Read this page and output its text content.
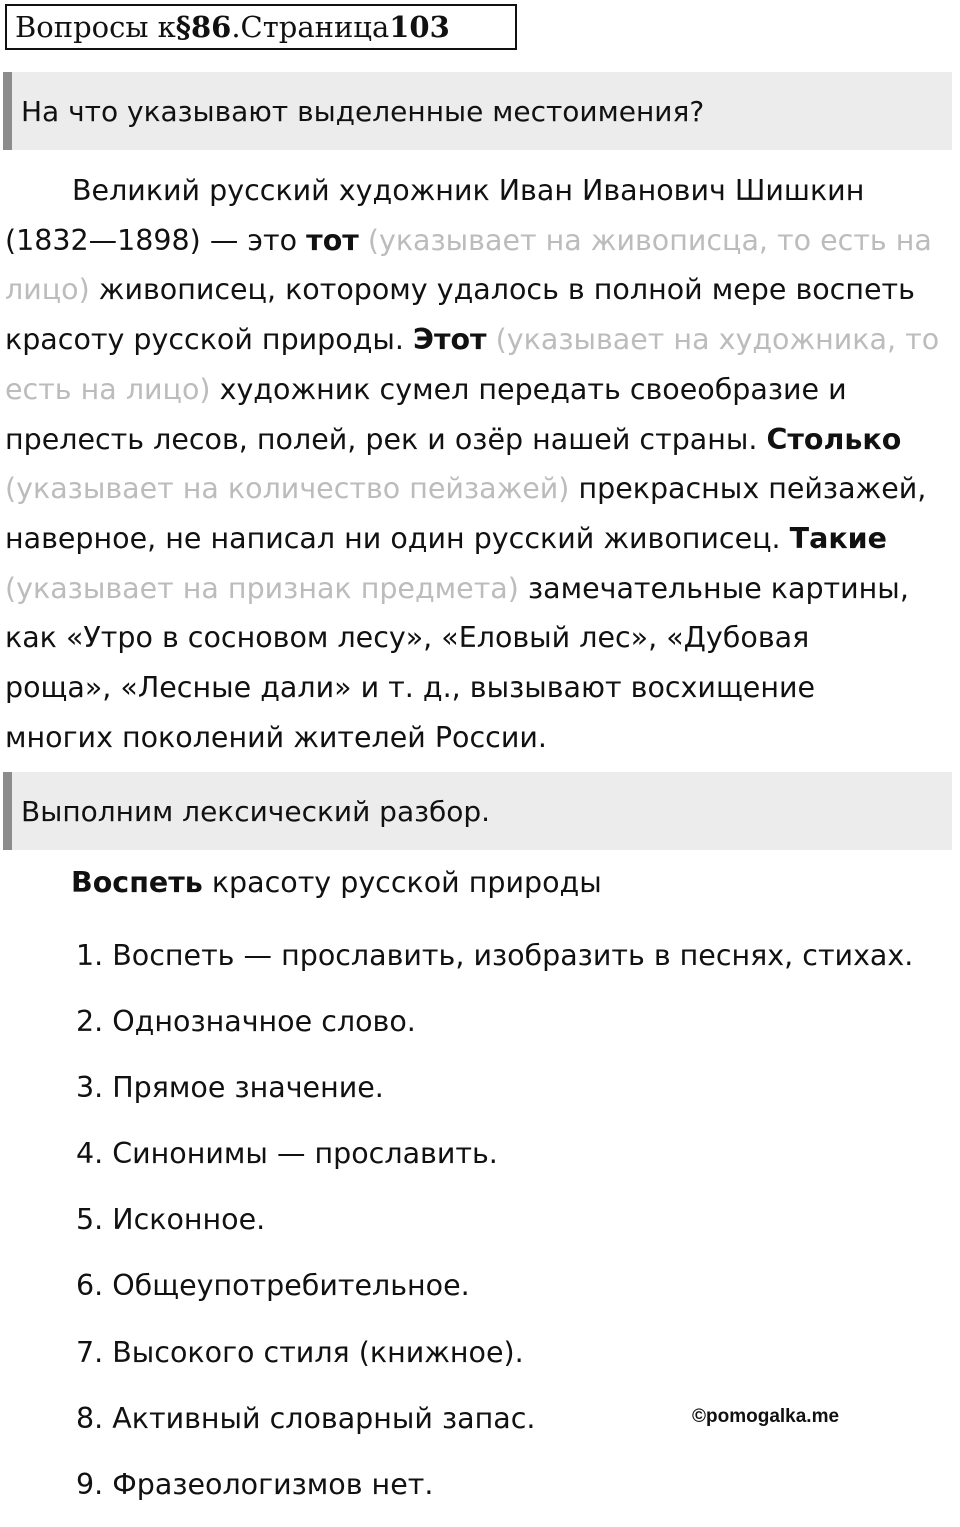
Вопросы к §86 . Страница 103
На что указывают выделенные местоимения?
Великий русский художник Иван Иванович Шишкин
(1832—1898) — это тот (указывает на живописца, то есть на
лицо) живописец, которому удалось в полной мере воспеть
красоту русской природы. Этот (указывает на художника, то
есть на лицо) художник сумел передать своеобразие и
прелесть лесов, полей, рек и озёр нашей страны. Столько
(указывает на количество пейзажей) прекрасных пейзажей,
наверное, не написал ни один русский живописец. Такие
(указывает на признак предмета) замечательные картины,
как «Утро в сосновом лесу», «Еловый лес», «Дубовая
роща», «Лесные дали» и т. д., вызывают восхищение
многих поколений жителей России.
Выполним лексический разбор.
Воспеть красоту русской природы
1. Воспеть — прославить, изобразить в песнях, стихах.
2. Однозначное слово.
3. Прямое значение.
4. Синонимы — прославить.
5. Исконное.
6. Общеупотребительное.
7. Высокого стиля (книжное).
8. Активный словарный запас.
9. Фразеологизмов нет.
©pomogalka.me
